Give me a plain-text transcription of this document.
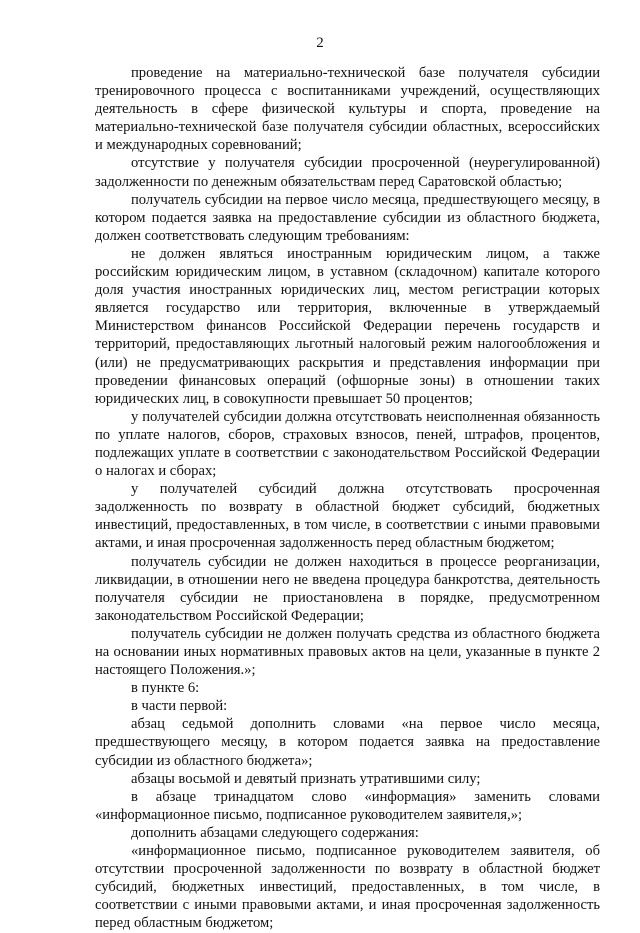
2

проведение на материально-технической базе получателя субсидии тренировочного процесса с воспитанниками учреждений, осуществляющих деятельность в сфере физической культуры и спорта, проведение на материально-технической базе получателя субсидии областных, всероссийских и международных соревнований;

отсутствие у получателя субсидии просроченной (неурегулированной) задолженности по денежным обязательствам перед Саратовской областью;

получатель субсидии на первое число месяца, предшествующего месяцу, в котором подается заявка на предоставление субсидии из областного бюджета, должен соответствовать следующим требованиям:

не должен являться иностранным юридическим лицом, а также российским юридическим лицом, в уставном (складочном) капитале которого доля участия иностранных юридических лиц, местом регистрации которых является государство или территория, включенные в утверждаемый Министерством финансов Российской Федерации перечень государств и территорий, предоставляющих льготный налоговый режим налогообложения и (или) не предусматривающих раскрытия и представления информации при проведении финансовых операций (офшорные зоны) в отношении таких юридических лиц, в совокупности превышает 50 процентов;

у получателей субсидии должна отсутствовать неисполненная обязанность по уплате налогов, сборов, страховых взносов, пеней, штрафов, процентов, подлежащих уплате в соответствии с законодательством Российской Федерации о налогах и сборах;

у получателей субсидий должна отсутствовать просроченная задолженность по возврату в областной бюджет субсидий, бюджетных инвестиций, предоставленных, в том числе, в соответствии с иными правовыми актами, и иная просроченная задолженность перед областным бюджетом;

получатель субсидии не должен находиться в процессе реорганизации, ликвидации, в отношении него не введена процедура банкротства, деятельность получателя субсидии не приостановлена в порядке, предусмотренном законодательством Российской Федерации;

получатель субсидии не должен получать средства из областного бюджета на основании иных нормативных правовых актов на цели, указанные в пункте 2 настоящего Положения.»;

в пункте 6:

в части первой:

абзац седьмой дополнить словами «на первое число месяца, предшествующего месяцу, в котором подается заявка на предоставление субсидии из областного бюджета»;

абзацы восьмой и девятый признать утратившими силу;

в абзаце тринадцатом слово «информация» заменить словами «информационное письмо, подписанное руководителем заявителя,»;

дополнить абзацами следующего содержания:

«информационное письмо, подписанное руководителем заявителя, об отсутствии просроченной задолженности по возврату в областной бюджет субсидий, бюджетных инвестиций, предоставленных, в том числе, в соответствии с иными правовыми актами, и иная просроченная задолженность перед областным бюджетом;
